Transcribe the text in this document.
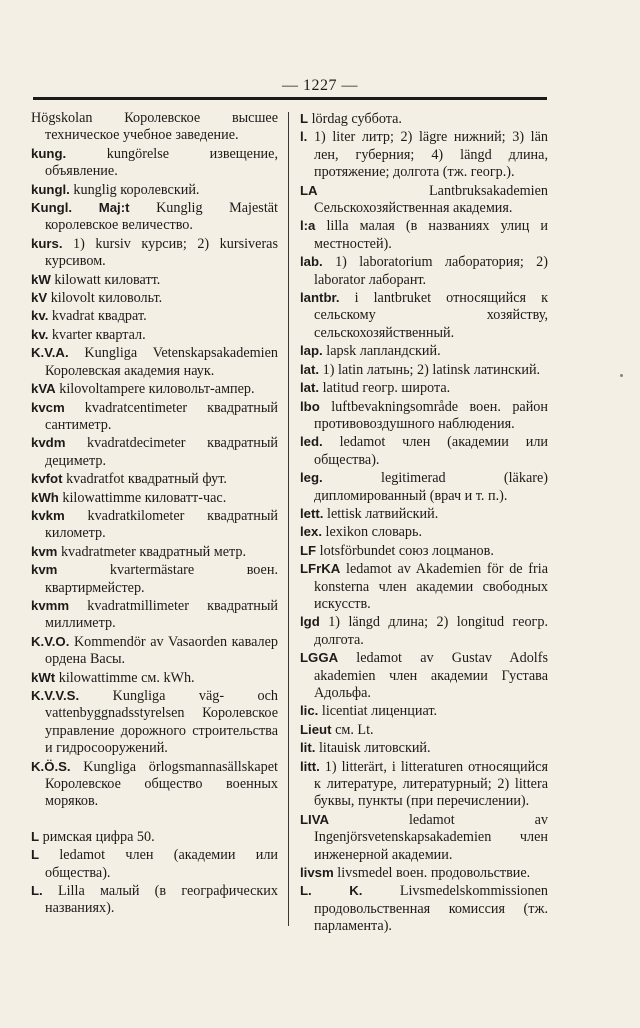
— 1227 —

Högskolan Королевское высшее техническое учебное заведение.

kung. kungörelse извещение, объявление.

kungl. kunglig королевский.

Kungl. Maj:t Kunglig Majestät королевское величество.

kurs. 1) kursiv курсив; 2) kursiveras курсивом.

kW kilowatt киловатт.

kV kilovolt киловольт.

kv. kvadrat квадрат.

kv. kvarter квартал.

K.V.A. Kungliga Vetenskapsakademien Королевская академия наук.

kVA kilovoltampere киловольт-ампер.

kvcm kvadratcentimeter квадратный сантиметр.

kvdm kvadratdecimeter квадратный дециметр.

kvfot kvadratfot квадратный фут.

kWh kilowattimme киловатт-час.

kvkm kvadratkilometer квадратный километр.

kvm kvadratmeter квадратный метр.

kvm kvartermästare воен. квартирмейстер.

kvmm kvadratmillimeter квадратный миллиметр.

K.V.O. Kommendör av Vasaorden кавалер ордена Васы.

kWt kilowattimme см. kWh.

K.V.V.S. Kungliga väg- och vattenbyggnadsstyrelsen Королевское управление дорожного строительства и гидросооружений.

K.Ö.S. Kungliga örlogsmannasällskapet Королевское общество военных моряков.

L римская цифра 50.

L ledamot член (академии или общества).

L. Lilla малый (в географических названиях).

L lördag суббота.

l. 1) liter литр; 2) lägre нижний; 3) län лен, губерния; 4) längd длина, протяжение; долгота (тж. геогр.).

LA Lantbruksakademien Сельскохозяйственная академия.

l:a lilla малая (в названиях улиц и местностей).

lab. 1) laboratorium лаборатория; 2) laborator лаборант.

lantbr. i lantbruket относящийся к сельскому хозяйству, сельскохозяйственный.

lap. lapsk лапландский.

lat. 1) latin латынь; 2) latinsk латинский.

lat. latitud геогр. широта.

lbo luftbevakningsområde воен. район противовоздушного наблюдения.

led. ledamot член (академии или общества).

leg. legitimerad (läkare) дипломированный (врач и т. п.).

lett. lettisk латвийский.

lex. lexikon словарь.

LF lotsförbundet союз лоцманов.

LFrKA ledamot av Akademien för de fria konsterna член академии свободных искусств.

lgd 1) längd длина; 2) longitud геогр. долгота.

LGGA ledamot av Gustav Adolfs akademien член академии Густава Адольфа.

lic. licentiat лиценциат.

Lieut см. Lt.

lit. litauisk литовский.

litt. 1) litterärt, i litteraturen относящийся к литературе, литературный; 2) littera буквы, пункты (при перечислении).

LIVA ledamot av Ingenjörsvetenskapsakademien член инженерной академии.

livsm livsmedel воен. продовольствие.

L. K. Livsmedelskommissionen продовольственная комиссия (тж. парламента).
